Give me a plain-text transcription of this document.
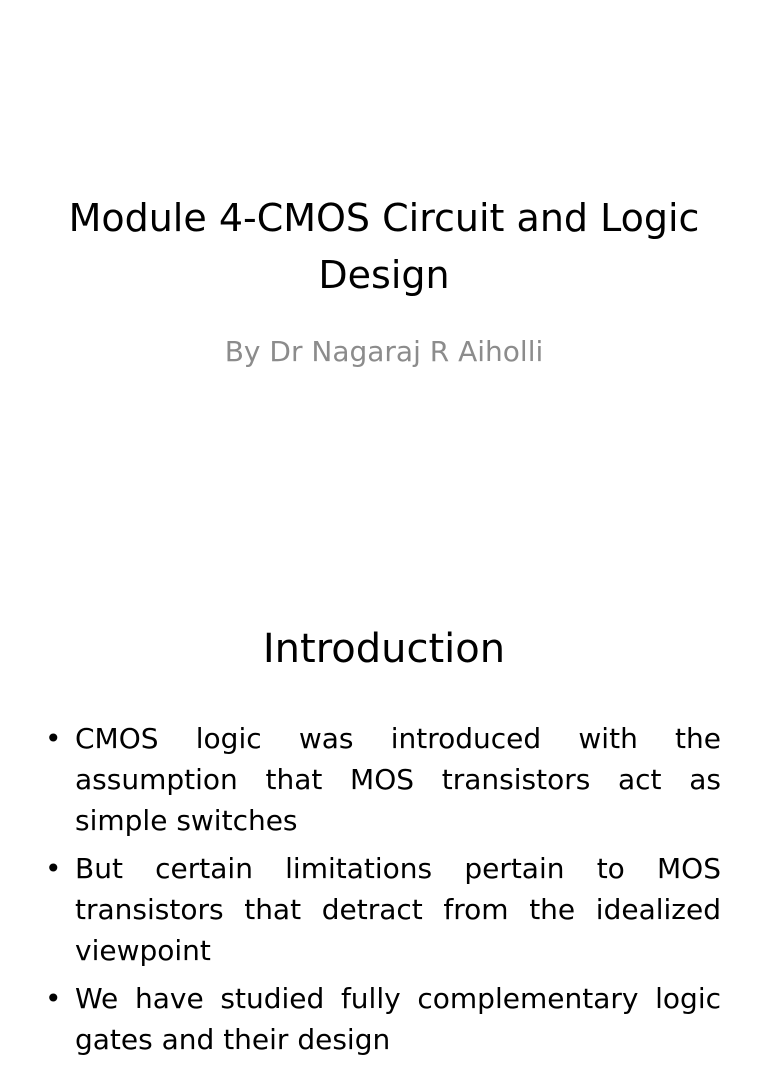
Module 4-CMOS Circuit and Logic Design
By Dr Nagaraj R Aiholli
Introduction
• CMOS logic was introduced with the assumption that MOS transistors act as simple switches
• But certain limitations pertain to MOS transistors that detract from the idealized viewpoint
• We have studied fully complementary logic gates and their design
